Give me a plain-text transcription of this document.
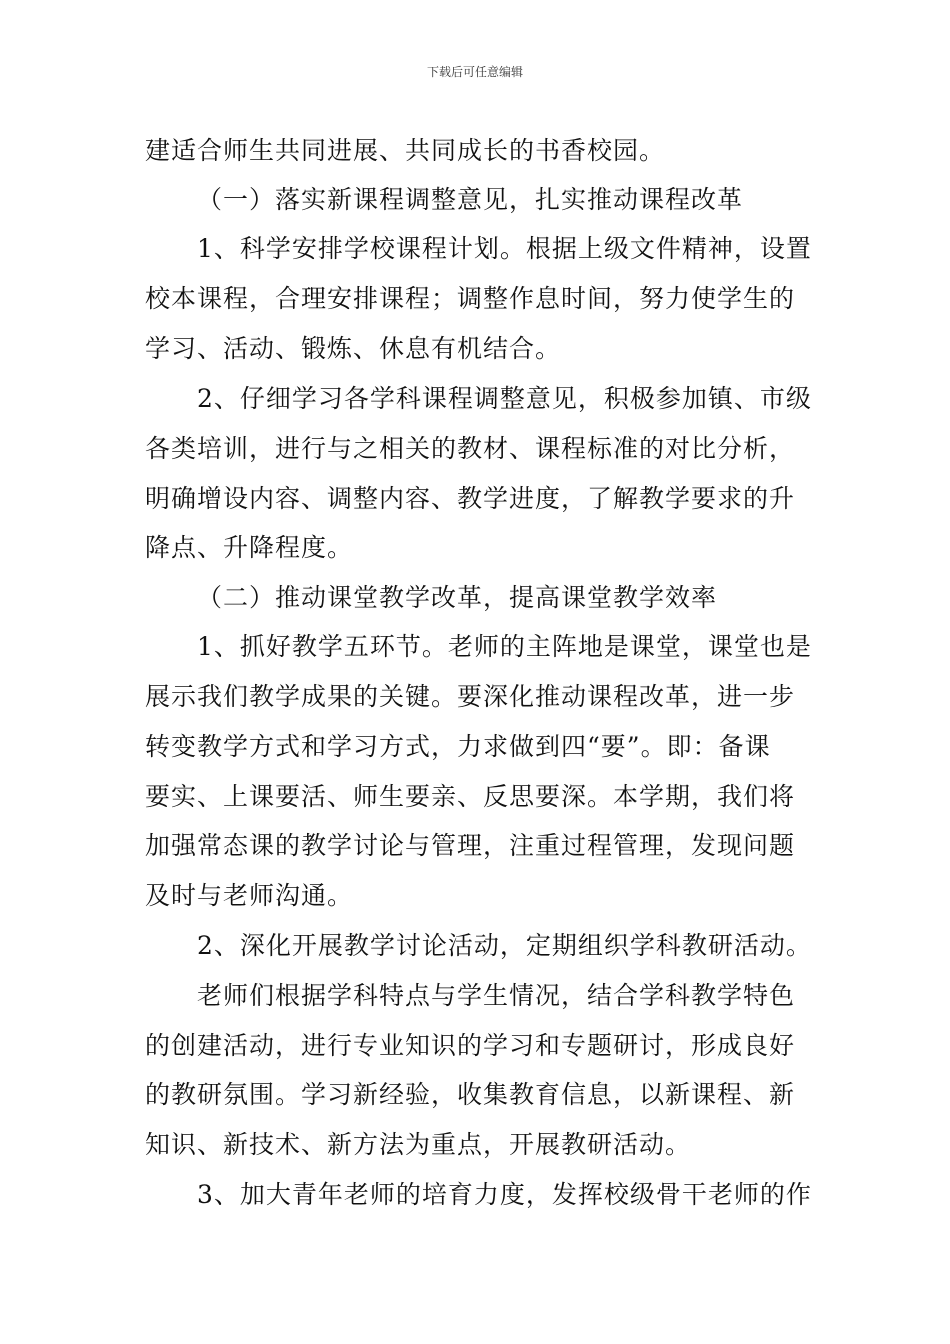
下载后可任意编辑
建适合师生共同进展、共同成长的书香校园。
（一）落实新课程调整意见，扎实推动课程改革
1、科学安排学校课程计划。根据上级文件精神，设置
校本课程，合理安排课程；调整作息时间，努力使学生的
学习、活动、锻炼、休息有机结合。
2、仔细学习各学科课程调整意见，积极参加镇、市级
各类培训，进行与之相关的教材、课程标准的对比分析，
明确增设内容、调整内容、教学进度，了解教学要求的升
降点、升降程度。
（二）推动课堂教学改革，提高课堂教学效率
1、抓好教学五环节。老师的主阵地是课堂，课堂也是
展示我们教学成果的关键。要深化推动课程改革，进一步
转变教学方式和学习方式，力求做到四“要”。即：备课
要实、上课要活、师生要亲、反思要深。本学期，我们将
加强常态课的教学讨论与管理，注重过程管理，发现问题
及时与老师沟通。
2、深化开展教学讨论活动，定期组织学科教研活动。
老师们根据学科特点与学生情况，结合学科教学特色
的创建活动，进行专业知识的学习和专题研讨，形成良好
的教研氛围。学习新经验，收集教育信息，以新课程、新
知识、新技术、新方法为重点，开展教研活动。
3、加大青年老师的培育力度，发挥校级骨干老师的作
